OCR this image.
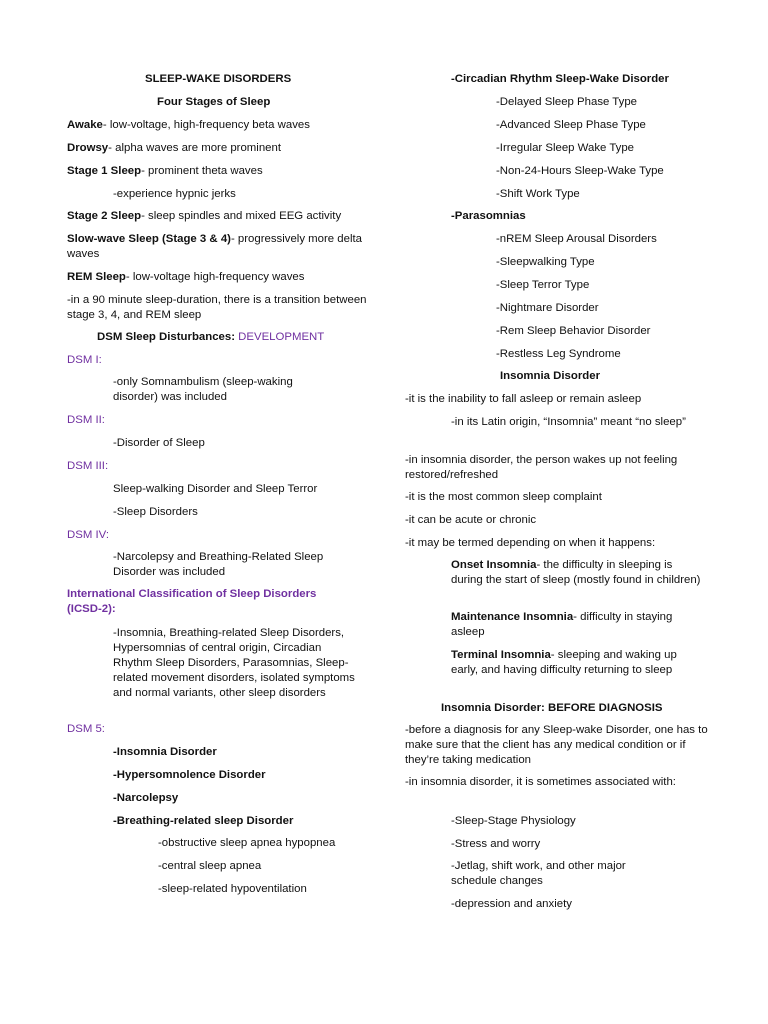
SLEEP-WAKE DISORDERS

Four Stages of Sleep

Awake- low-voltage, high-frequency beta waves

Drowsy- alpha waves are more prominent

Stage 1 Sleep- prominent theta waves

-experience hypnic jerks

Stage 2 Sleep- sleep spindles and mixed EEG activity

Slow-wave Sleep (Stage 3 & 4)- progressively more delta waves

REM Sleep- low-voltage high-frequency waves

-in a 90 minute sleep-duration, there is a transition between stage 3, 4, and REM sleep

DSM Sleep Disturbances: DEVELOPMENT

DSM I:

-only Somnambulism (sleep-waking disorder) was included

DSM II:

-Disorder of Sleep

DSM III:

Sleep-walking Disorder and Sleep Terror

-Sleep Disorders

DSM IV:

-Narcolepsy and Breathing-Related Sleep Disorder was included

International Classification of Sleep Disorders (ICSD-2):

-Insomnia, Breathing-related Sleep Disorders, Hypersomnias of central origin, Circadian Rhythm Sleep Disorders, Parasomnias, Sleep-related movement disorders, isolated symptoms and normal variants, other sleep disorders

DSM 5:

-Insomnia Disorder

-Hypersomnolence Disorder

-Narcolepsy

-Breathing-related sleep Disorder

-obstructive sleep apnea hypopnea

-central sleep apnea

-sleep-related hypoventilation

-Circadian Rhythm Sleep-Wake Disorder

-Delayed Sleep Phase Type

-Advanced Sleep Phase Type

-Irregular Sleep Wake Type

-Non-24-Hours Sleep-Wake Type

-Shift Work Type

-Parasomnias

-nREM Sleep Arousal Disorders

-Sleepwalking Type

-Sleep Terror Type

-Nightmare Disorder

-Rem Sleep Behavior Disorder

-Restless Leg Syndrome

Insomnia Disorder

-it is the inability to fall asleep or remain asleep

-in its Latin origin, “Insomnia” meant “no sleep”

-in insomnia disorder, the person wakes up not feeling restored/refreshed

-it is the most common sleep complaint

-it can be acute or chronic

-it may be termed depending on when it happens:

Onset Insomnia- the difficulty in sleeping is during the start of sleep (mostly found in children)

Maintenance Insomnia- difficulty in staying asleep

Terminal Insomnia- sleeping and waking up early, and having difficulty returning to sleep

Insomnia Disorder: BEFORE DIAGNOSIS

-before a diagnosis for any Sleep-wake Disorder, one has to make sure that the client has any medical condition or if they’re taking medication

-in insomnia disorder, it is sometimes associated with:

-Sleep-Stage Physiology

-Stress and worry

-Jetlag, shift work, and other major schedule changes

-depression and anxiety
